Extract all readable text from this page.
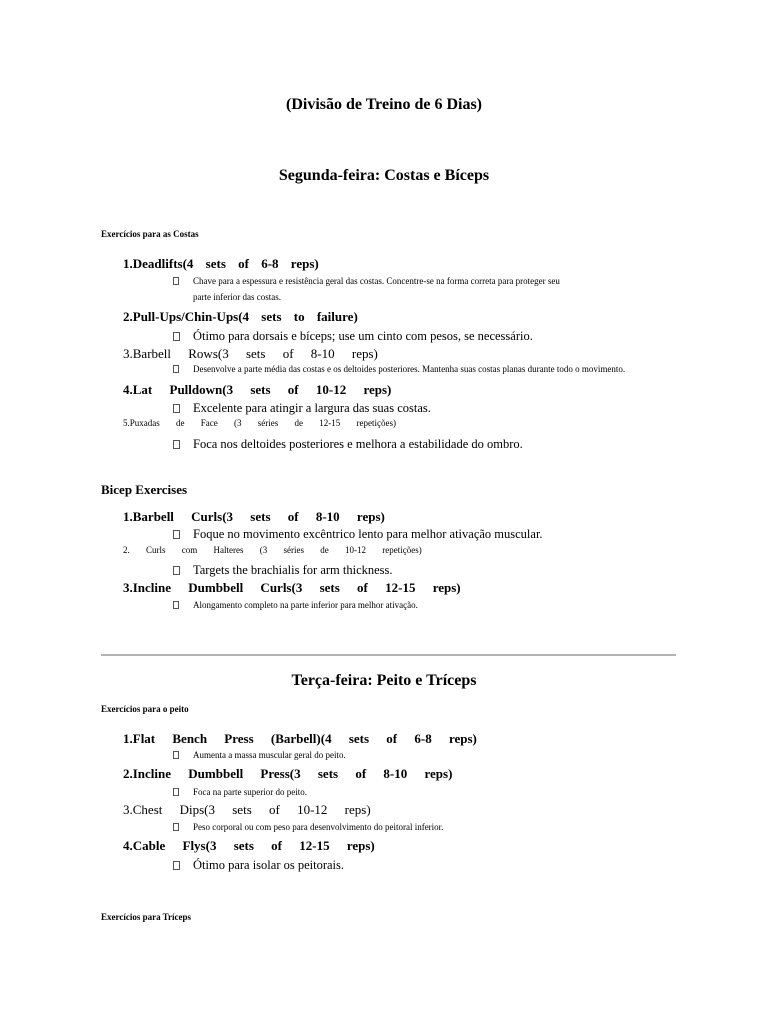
(Divisão de Treino de 6 Dias)
Segunda-feira: Costas e Bíceps
Exercícios para as Costas
1.Deadlifts(4 sets of 6-8 reps)
Chave para a espessura e resistência geral das costas. Concentre-se na forma correta para proteger seu
parte inferior das costas.
2.Pull-Ups/Chin-Ups(4 sets to failure)
Ótimo para dorsais e bíceps; use um cinto com pesos, se necessário.
3.Barbell Rows(3 sets of 8-10 reps)
Desenvolve a parte média das costas e os deltoides posteriores. Mantenha suas costas planas durante todo o movimento.
4.Lat Pulldown(3 sets of 10-12 reps)
Excelente para atingir a largura das suas costas.
5.Puxadas de Face (3 séries de 12-15 repetições)
Foca nos deltoides posteriores e melhora a estabilidade do ombro.
Bicep Exercises
1.Barbell Curls(3 sets of 8-10 reps)
Foque no movimento excêntrico lento para melhor ativação muscular.
2. Curls com Halteres (3 séries de 10-12 repetições)
Targets the brachialis for arm thickness.
3.Incline Dumbbell Curls(3 sets of 12-15 reps)
Alongamento completo na parte inferior para melhor ativação.
Terça-feira: Peito e Tríceps
Exercícios para o peito
1.Flat Bench Press (Barbell)(4 sets of 6-8 reps)
Aumenta a massa muscular geral do peito.
2.Incline Dumbbell Press(3 sets of 8-10 reps)
Foca na parte superior do peito.
3.Chest Dips(3 sets of 10-12 reps)
Peso corporal ou com peso para desenvolvimento do peitoral inferior.
4.Cable Flys(3 sets of 12-15 reps)
Ótimo para isolar os peitorais.
Exercícios para Tríceps
